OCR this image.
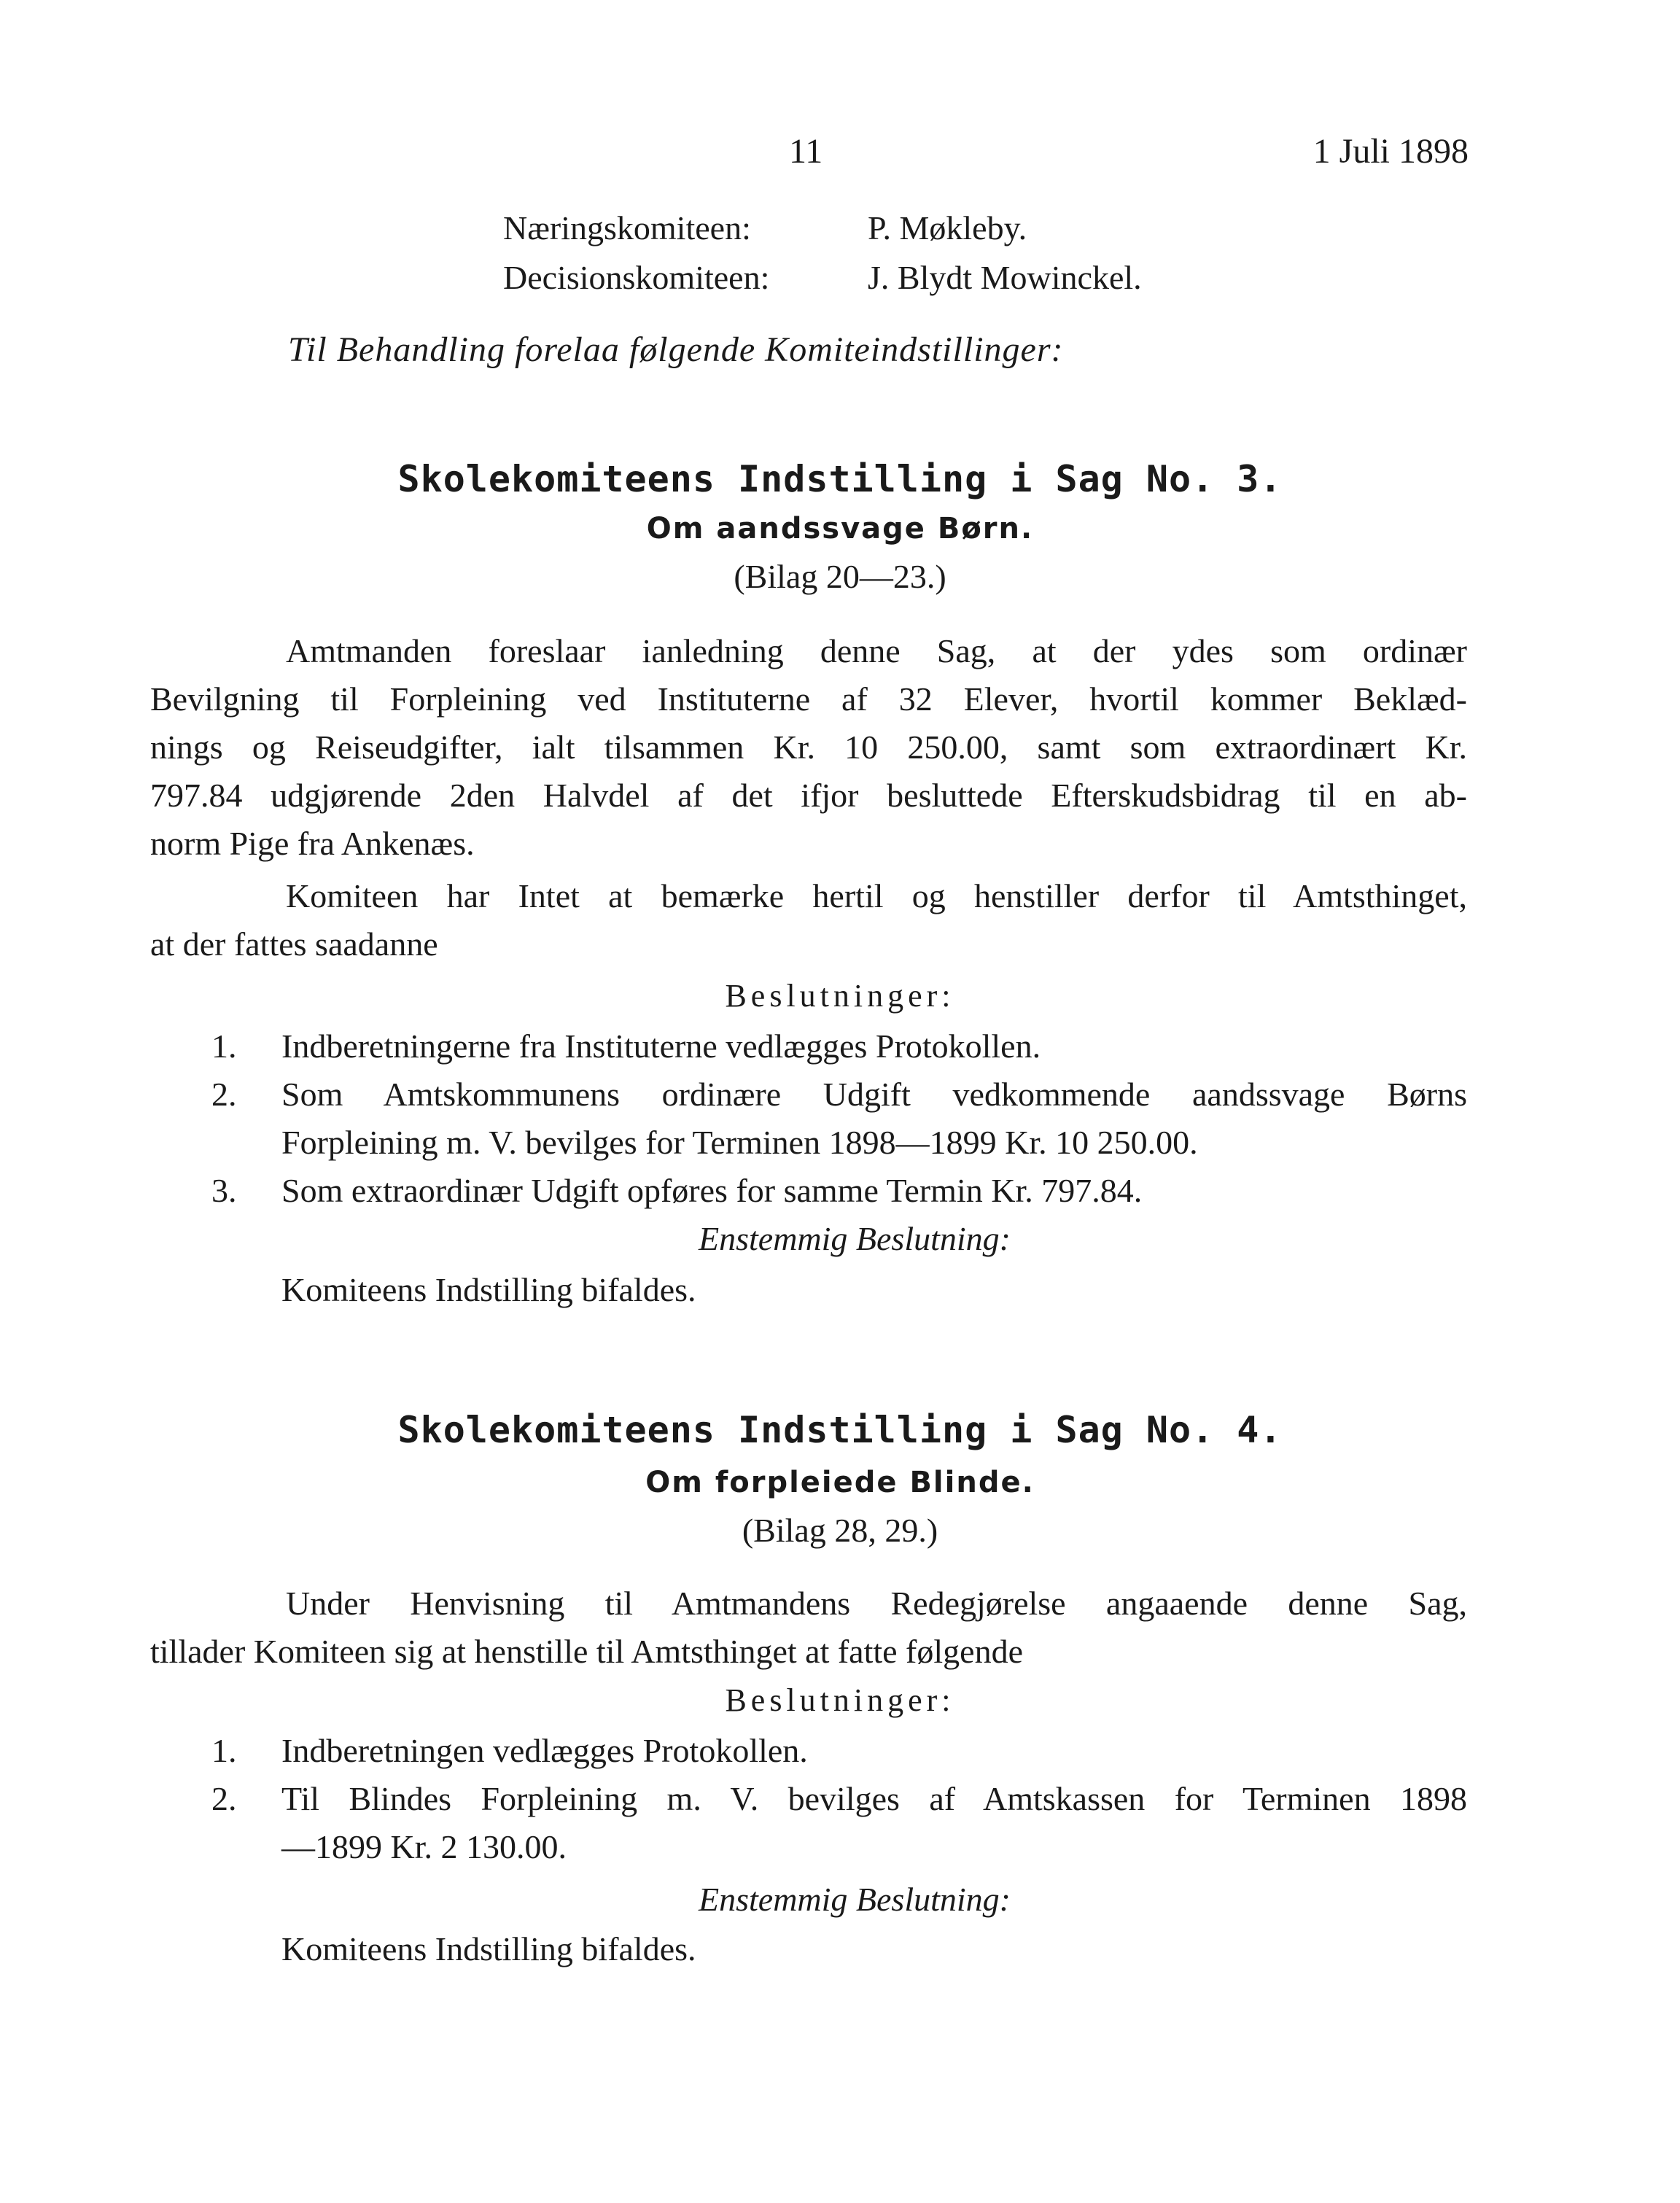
11	1 Juli 1898
Næringskomiteen:	P. Møkleby.
Decisionskomiteen:	J. Blydt Mowinckel.
Til Behandling forelaa følgende Komiteindstillinger:
Skolekomiteens Indstilling i Sag No. 3.
Om aandssvage Børn.
(Bilag 20—23.)
Amtmanden foreslaar ianledning denne Sag, at der ydes som ordinær
Bevilgning til Forpleining ved Instituterne af 32 Elever, hvortil kommer Beklæd-
nings og Reiseudgifter, ialt tilsammen Kr. 10 250.00, samt som extraordinært Kr.
797.84 udgjørende 2den Halvdel af det ifjor besluttede Efterskudsbidrag til en ab-
norm Pige fra Ankenæs.
Komiteen har Intet at bemærke hertil og henstiller derfor til Amtsthinget,
at der fattes saadanne
Beslutninger:
1. Indberetningerne fra Instituterne vedlægges Protokollen.
2. Som Amtskommunens ordinære Udgift vedkommende aandssvage Børns
Forpleining m. V. bevilges for Terminen 1898—1899 Kr. 10 250.00.
3. Som extraordinær Udgift opføres for samme Termin Kr. 797.84.
Enstemmig Beslutning:
Komiteens Indstilling bifaldes.
Skolekomiteens Indstilling i Sag No. 4.
Om forpleiede Blinde.
(Bilag 28, 29.)
Under Henvisning til Amtmandens Redegjørelse angaaende denne Sag,
tillader Komiteen sig at henstille til Amtsthinget at fatte følgende
Beslutninger:
1. Indberetningen vedlægges Protokollen.
2. Til Blindes Forpleining m. V. bevilges af Amtskassen for Terminen 1898
—1899 Kr. 2 130.00.
Enstemmig Beslutning:
Komiteens Indstilling bifaldes.
